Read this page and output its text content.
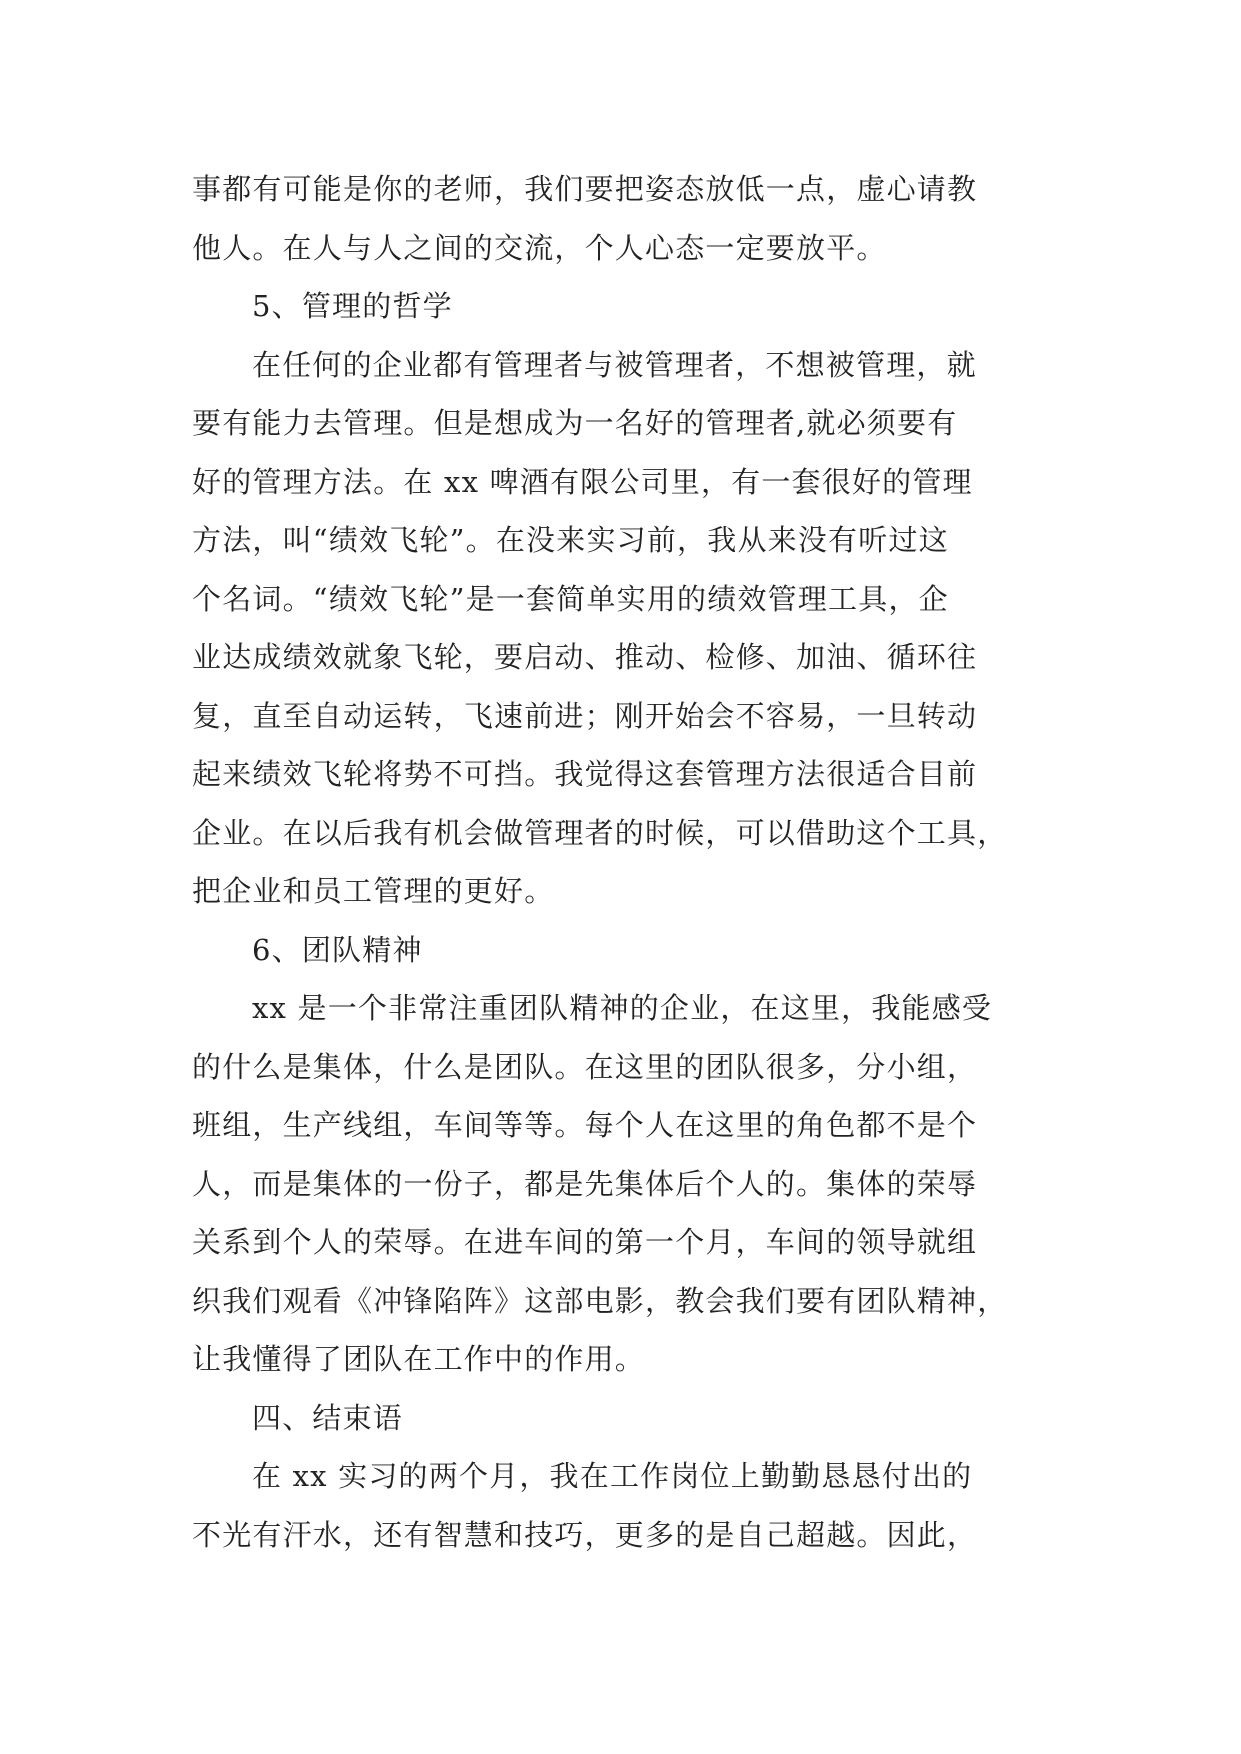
事都有可能是你的老师，我们要把姿态放低一点，虚心请教
他人。在人与人之间的交流，个人心态一定要放平。
5、管理的哲学
在任何的企业都有管理者与被管理者，不想被管理，就
要有能力去管理。但是想成为一名好的管理者,就必须要有
好的管理方法。在 xx 啤酒有限公司里，有一套很好的管理
方法，叫“绩效飞轮”。在没来实习前，我从来没有听过这
个名词。“绩效飞轮”是一套简单实用的绩效管理工具，企
业达成绩效就象飞轮，要启动、推动、检修、加油、循环往
复，直至自动运转，飞速前进；刚开始会不容易，一旦转动
起来绩效飞轮将势不可挡。我觉得这套管理方法很适合目前
企业。在以后我有机会做管理者的时候，可以借助这个工具，
把企业和员工管理的更好。
6、团队精神
xx 是一个非常注重团队精神的企业，在这里，我能感受
的什么是集体，什么是团队。在这里的团队很多，分小组，
班组，生产线组，车间等等。每个人在这里的角色都不是个
人，而是集体的一份子，都是先集体后个人的。集体的荣辱
关系到个人的荣辱。在进车间的第一个月，车间的领导就组
织我们观看《冲锋陷阵》这部电影，教会我们要有团队精神，
让我懂得了团队在工作中的作用。
四、结束语
在 xx 实习的两个月，我在工作岗位上勤勤恳恳付出的
不光有汗水，还有智慧和技巧，更多的是自己超越。因此，
